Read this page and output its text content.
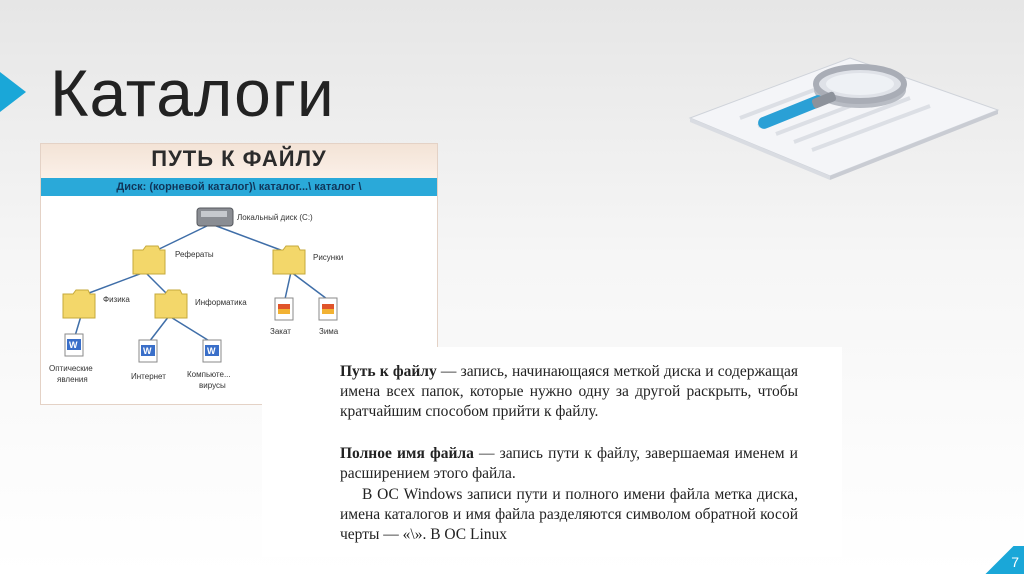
Каталоги
ПУТЬ К ФАЙЛУ
Диск: (корневой каталог)\ каталог...\ каталог \
Локальный диск (C:)
Рефераты	Рисунки
Физика	Информатика
Закат	Зима
W
Оптические
явления
W
Интернет
W
Компьюте...
вирусы

Путь к файлу — запись, начинающаяся меткой диска и содержащая имена всех папок, которые нужно одну за другой раскрыть, чтобы кратчайшим способом прийти к файлу.

Полное имя файла — запись пути к файлу, завершаемая именем и расширением этого файла.

В ОС Windows записи пути и полного имени файла метка диска, имена каталогов и имя файла разделяются символом обратной косой черты — «\». В ОС Linux

7
